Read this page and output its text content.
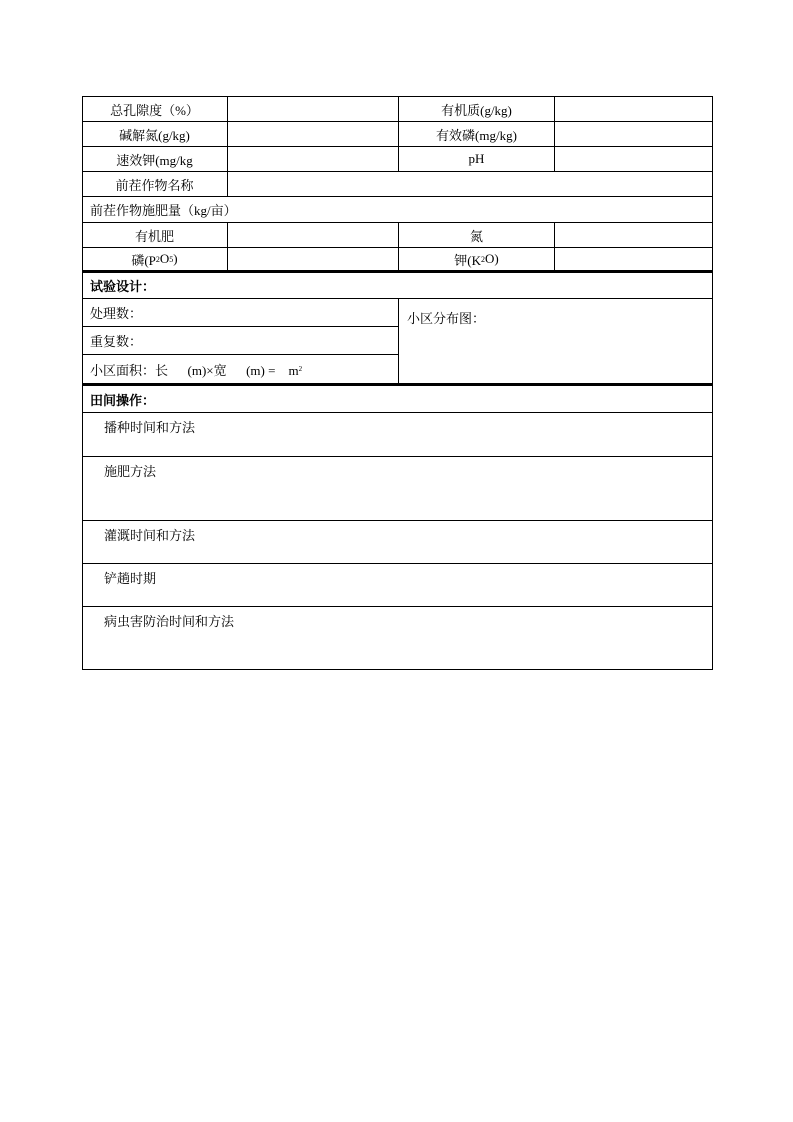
总孔隙度（%）	有机质(g/kg)
碱解氮(g/kg)	有效磷(mg/kg)
速效钾(mg/kg	pH
前茬作物名称
前茬作物施肥量（kg/亩）
有机肥	氮
磷(P 2 O 5 )	钾(K 2 O)
试验设计：
处理数：
重复数：
小区面积：长　  (m)×宽　  (m) =　m 2
小区分布图：
田间操作：
播种时间和方法
施肥方法
灌溉时间和方法
铲趟时期
病虫害防治时间和方法
